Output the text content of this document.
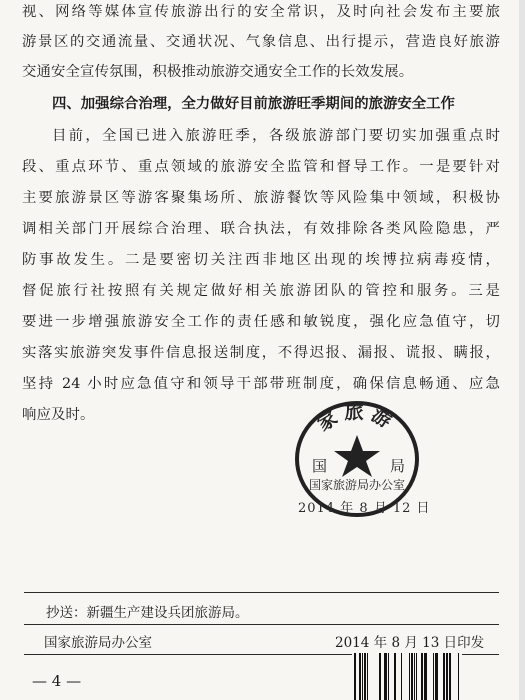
视、网络等媒体宣传旅游出行的安全常识，及时向社会发布主要旅
游景区的交通流量、交通状况、气象信息、出行提示，营造良好旅游
交通安全宣传氛围，积极推动旅游交通安全工作的长效发展。
四、加强综合治理，全力做好目前旅游旺季期间的旅游安全工作
目前，全国已进入旅游旺季，各级旅游部门要切实加强重点时
段、重点环节、重点领域的旅游安全监管和督导工作。一是要针对
主要旅游景区等游客聚集场所、旅游餐饮等风险集中领域，积极协
调相关部门开展综合治理、联合执法，有效排除各类风险隐患，严
防事故发生。二是要密切关注西非地区出现的埃博拉病毒疫情，
督促旅行社按照有关规定做好相关旅游团队的管控和服务。三是
要进一步增强旅游安全工作的责任感和敏锐度，强化应急值守，切
实落实旅游突发事件信息报送制度，不得迟报、漏报、谎报、瞒报，
坚持 24 小时应急值守和领导干部带班制度，确保信息畅通、应急
响应及时。	家旅游
国	局
国家旅游局办公室
2014 年 8 月 12 日
抄送：新疆生产建设兵团旅游局。
国家旅游局办公室	2014 年 8 月 13 日印发
— 4 —
